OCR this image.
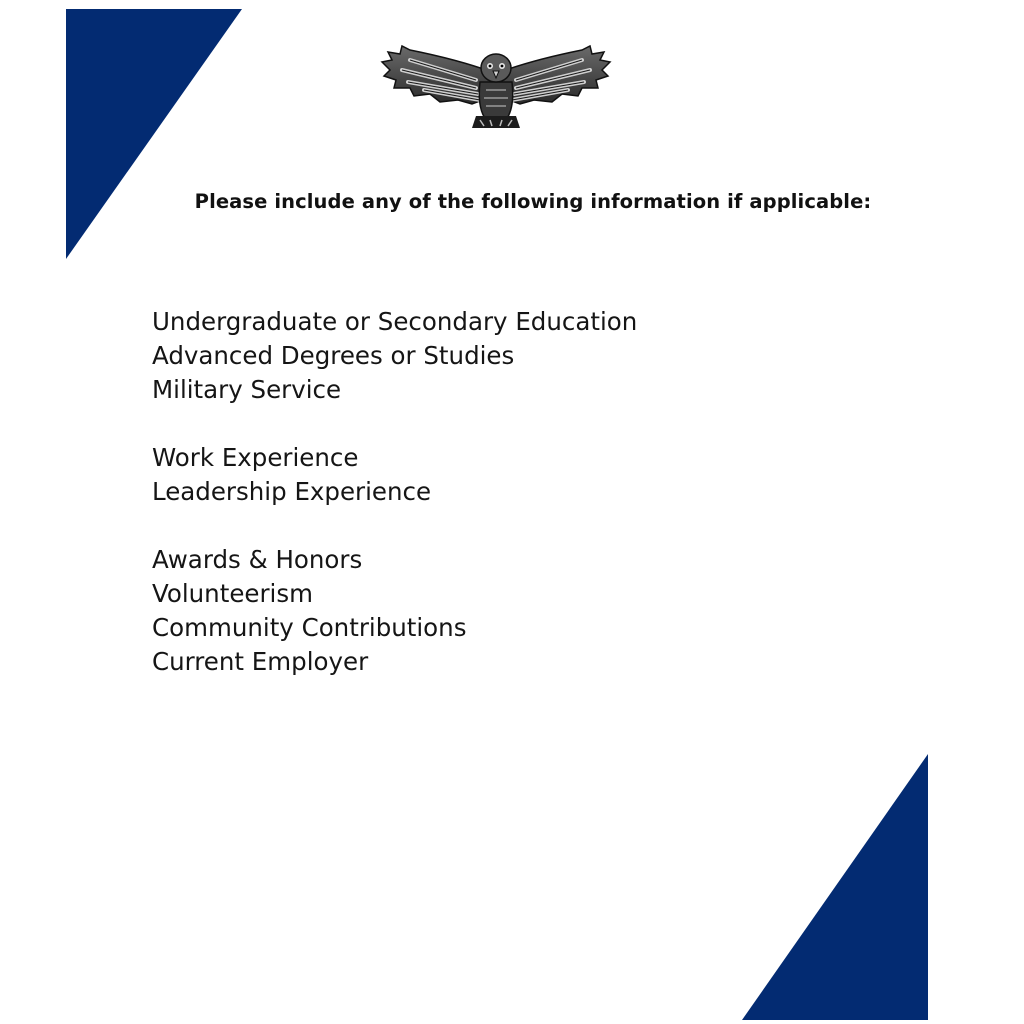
Please include any of the following information if applicable:
Undergraduate or Secondary Education
Advanced Degrees or Studies
Military Service
Work Experience
Leadership Experience
Awards & Honors
Volunteerism
Community Contributions
Current Employer
